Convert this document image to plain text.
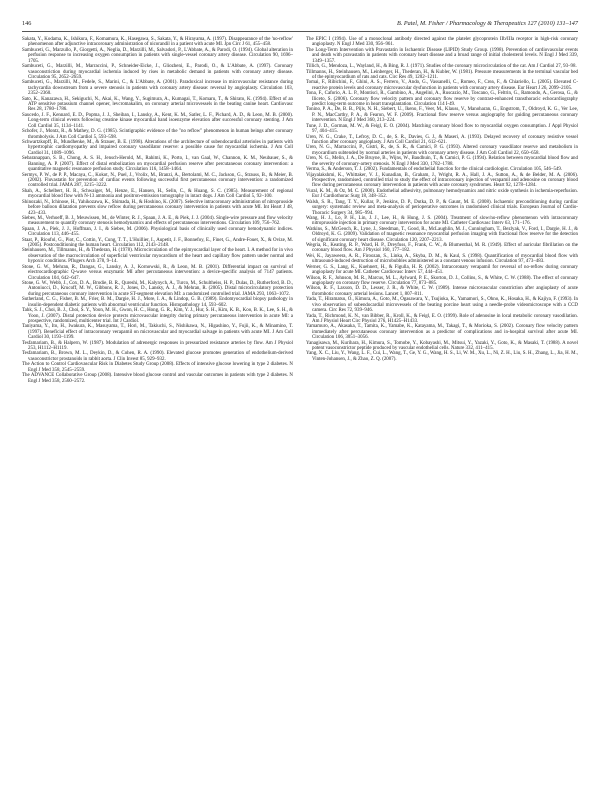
146	B. Patel, M. Fisher / Pharmacology & Therapeutics 127 (2010) 131–147

Sakata, Y., Kodama, K., Ishikura, F., Komamura, K., Hasegawa, S., Sakata, Y., & Hirayama, A. (1997). Disappearance of the 'no-reflow' phenomenon after adjunctive intracoronary administration of nicorandil in a patient with acute MI. Jpn Circ J 61, 455–458.

Sambuceti, G., Marzullo, P., Giorgetti, A., Neglia, D., Marzilli, M., Salvadori, P., L'Abbate, A., & Parodi, O. (1994). Global alteration in perfusion response to increasing oxygen consumption in patients with single-vessel coronary artery disease. Circulation 90, 1696–1705.

Sambuceti, G., Marzilli, M., Marraccini, P., Schneider-Eicke, J., Gliozheni, E., Parodi, O., & L'Abbate, A. (1997). Coronary vasoconstriction during myocardial ischemia induced by rises in metabolic demand in patients with coronary artery disease. Circulation 95, 2652–2659.

Sambuceti, G., Marzilli, M., Fedele, S., Marini, C., & L'Abbate, A. (2001). Paradoxical increase in microvascular resistance during tachycardia downstream from a severe stenosis in patients with coronary artery disease: reversal by angioplasty. Circulation 103, 2352–2360.

Sato, K., Kanazawa, H., Sekiguchi, N., Akai, K., Wang, Y., Sugimura, A., Kumagai, T., Komaru, T., & Shirato, K. (1994). Effect of an ATP sensitive potassium channel opener, levcromakalim, on coronary arterial microvessels in the beating canine heart. Cardiovasc Res 28, 1780–1786.

Saucedo, J. F., Kennard, E. D., Popma, J. J., Sheiban, I., Lansky, A., Kent, K. M., Satler, L. F., Pichard, A. D., & Leon, M. B. (2000). Long-term clinical events following creatine kinase myocardial band isoenzyme elevation after successful coronary stenting. J Am Coll Cardiol 35, 1134–1141.

Schofer, J., Montz, R., & Mathey, D. G. (1985). Scintigraphic evidence of the "no reflow" phenomenon in human beings after coronary thrombolysis. J Am Coll Cardiol 5, 593–598.

Schwartzkopff, B., Mundhenke, M., & Strauer, B. E. (1998). Alterations of the architecture of subendocardial arterioles in patients with hypertrophic cardiomyopathy and impaired coronary vasodilator reserve: a possible cause for myocardial ischemia. J Am Coll Cardiol 31, 1089–1096.

Sebaranappan, S. B., Chong, A. S. H., Jensch-Herold, M., Rahimi, K., Porto, I., van Gaal, W., Channon, K. M., Neubauer, S., & Banning, A. P. (2007). Effect of distal embolization on myocardial perfusion reserve after percutaneous coronary intervention: a quantitative magnetic resonance perfusion study. Circulation 116, 1458–1464.

Sermys, P. W., de P. P., Macaya, C., Kokot, N., Puel, J., Vrolix, M., Branzi, A., Bertolami, M. C., Jackson, G., Strauss, B., & Meier, B. (2002). Fluvastatin for prevention of cardiac events following successful first percutaneous coronary intervention: a randomized controlled trial. JAMA 287, 3215–3222.

Shah, A., Schelbert, H. R., Schwaiger, M., Henze, E., Hansen, H., Selin, C., & Huang, S. C. (1985). Measurement of regional myocardial blood flow with N-13 ammonia and positron-emission tomography in intact dogs. J Am Coll Cardiol 5, 92–100.

Shinozaki, N., Ichinose, H., Yahikozawa, K., Shimada, H., & Hoshino, K. (2007). Selective intracoronary administration of nitroprusside before balloon dilatation prevents slow reflow during percutaneous coronary intervention in patients with acute MI. Int Heart J 48, 423–433.

Siebes, M., Verhoeff, B. J., Meuwissen, M., de Winter, R. J., Spaan, J. A. E., & Piek, J. J. (2004). Single-wire pressure and flow velocity measurement to quantify coronary stenosis hemodynamics and effects of percutaneous interventions. Circulation 109, 756–762.

Spaan, J. A., Piek, J. J., Hoffman, J. I., & Siebes, M. (2006). Physiological basis of clinically used coronary hemodynamic indices. Circulation 113, 446–455.

Staat, P., Rioufol, G., Piot, C., Cottin, Y., Cung, T. T., L'Huillier, I., Aupetit, J. F., Bonnefoy, E., Finet, G., Andre-Fouet, X., & Ovize, M. (2005). Postconditioning the human heart. Circulation 112, 2143–2148.

Steinhausen, M., Tillmanns, H., & Thederan, H. (1978). Microcirculation of the epimyocardial layer of the heart. I. A method for in vivo observation of the macrocirculation of superficial ventricular myocardium of the heart and capillary flow pattern under normal and hypoxic conditions. Pflugers Arch 378, 9–14.

Stone, G. W., Mehran, R., Dangas, G., Lansky, A. J., Kornowski, R., & Leon, M. B. (2001). Differential impact on survival of electrocardiographic Q-wave versus enzymatic MI after percutaneous intervention: a device-specific analysis of 7147 patients. Circulation 104, 642–647.

Stone, G. W., Webb, J., Cox, D. A., Brodie, B. R., Qureshi, M., Kalynych, A., Turco, M., Schultheiss, H. P., Dulas, D., Rutherford, B. D., Antoniucci, D., Krucoff, M. W., Gibbons, R. J., Jones, D., Lansky, A. J., & Mehran, R. (2005). Distal microcirculatory protection during percutaneous coronary intervention in acute ST-segment elevation MI: a randomized controlled trial. JAMA 293, 1063–1072.

Sutherland, C. G., Fisher, B. M., Frier, B. M., Dargie, H. J., More, I. A., & Lindop, G. B. (1989). Endomyocardial biopsy pathology in insulin-dependent diabetic patients with abnormal ventricular function. Histopathology 14, 593–602.

Tahk, S. J., Choi, B. J., Choi, S. Y., Yoon, M. H., Gwon, H. C., Hong, G. R., Kim, Y. J., Hur, S. H., Kim, K. B., Koo, B. K., Lee, S. H., & Yoon, J. (2007). Distal protection device protects microvascular integrity during primary percutaneous intervention in acute MI: a prospective, randomized, multicenter trial. Int J Cardiol.

Taniyama, Y., Ito, H., Iwakura, K., Masuyama, T., Hori, M., Takiuchi, S., Nishikawa, N., Higashino, Y., Fujii, K., & Minamino, T. (1997). Beneficial effect of intracoronary verapamil on microvascular and myocardial salvage in patients with acute MI. J Am Coll Cardiol 30, 1193–1199.

Tesfamariam, B., & Halpern, W. (1987). Modulation of adrenergic responses in pressurized resistance arteries by flow. Am J Physiol 253, H1112–H1119.

Tesfamariam, B., Brown, M. L., Deykin, D., & Cohen, R. A. (1990). Elevated glucose promotes generation of endothelium-derived vasoconstrictor prostanoids in rabbit aorta. J Clin Invest 85, 929–932.

The Action to Control Cardiovascular Risk in Diabetes Study Group (2008). Effects of intensive glucose lowering in type 2 diabetes. N Engl J Med 358, 2545–2559.

The ADVANCE Collaborative Group (2008). Intensive blood glucose control and vascular outcomes in patients with type 2 diabetes. N Engl J Med 358, 2560–2572.

The EPIC I (1994). Use of a monoclonal antibody directed against the platelet glycoprotein IIb/IIIa receptor in high-risk coronary angioplasty. N Engl J Med 330, 956–961.

The Long-Term Intervention with Pravastatin in Ischaemic Disease (LIPID) Study Group. (1998). Prevention of cardiovascular events and death with pravastatin in patients with coronary heart disease and a broad range of initial cholesterol levels. N Engl J Med 339, 1349–1357.

Tillich, G., Mendoza, L., Wayland, H., & Bing, R. J. (1971). Studies of the coronary microcirculation of the cat. Am J Cardiol 27, 93–98.

Tillmanns, H., Steinhausen, M., Leinberger, H., Thederan, H., & Kubler, W. (1981). Pressure measurements in the terminal vascular bed of the epimyocardium of rats and cats. Circ Res 49, 1202–1211.

Tomai, F., Ribichini, F., Ghini, A. S., Ferrero, V., Ando, G., Vassanelli, C., Romeo, F., Crea, F., & Chiariello, L. (2005). Elevated C-reactive protein levels and coronary microvascular dysfunction in patients with coronary artery disease. Eur Heart J 26, 2099–2105.

Tona, F., Caforio, A. L. P., Montisci, R., Gambino, A., Angelini, A., Ruscazio, M., Toscano, G., Feltrin, G., Ramondo, A., Gerosa, G., & Iliceto, S. (2006). Coronary flow velocity pattern and coronary flow reserve by contrast-enhanced transthoracic echocardiography predict long-term outcome in heart transplantation. Circulation 114 I-49.

Tonino, P. A., De, B. B., Pijls, N. H., Siebert, U., Ikeno, F., Veer, M., Klauss, V., Manoharan, G., Engstrom, T., Oldroyd, K. G., Ver Lee, P. N., MacCarthy, P. A., & Fearon, W. F. (2009). Fractional flow reserve versus angiography for guiding percutaneous coronary intervention. N Engl J Med 360, 213–224.

Tune, J. D., Gorman, M. W., & Feigl, E. O. (2004). Matching coronary blood flow to myocardial oxygen consumption. J Appl Physiol 97, 404–415.

Uren, N. G., Crake, T., Lefroy, D. C., de, S. R., Davies, G. J., & Maseri, A. (1993). Delayed recovery of coronary resistive vessel function after coronary angioplasty. J Am Coll Cardiol 21, 612–621.

Uren, N. G., Marraccini, P., Gistri, R., de, S. R., & Camici, P. G. (1993). Altered coronary vasodilator reserve and metabolism in myocardium subtended by normal arteries in patients with coronary artery disease. J Am Coll Cardiol 22, 650–658.

Uren, N. G., Melin, J. A., De Bruyne, B., Wijns, W., Baudhuin, T., & Camici, P. G. (1994). Relation between myocardial blood flow and the severity of coronary-artery stenosis. N Engl J Med 330, 1782–1788.

Verma, S., & Anderson, T. J. (2002). Fundamentals of endothelial function for the clinical cardiologist. Circulation 105, 546–549.

Vijayalakshmi, K., Whittaker, V. J., Kunadian, B., Graham, J., Wright, R. A., Hall, J. A., Sutton, A., & de Belder, M. A. (2006). Prospective, randomised, controlled trial to study the effect of intracoronary injection of verapamil and adenosine on coronary blood flow during percutaneous coronary intervention in patients with acute coronary syndromes. Heart 92, 1278–1284.

Vural, K. M., & Oz, M. C. (2000). Endothelial adhesivity, pulmonary hemodynamics and nitric oxide synthesis in ischemia-reperfusion. Eur J Cardiothorac Surg 18, 348–352.

Walsh, S. R., Tang, T. Y., Kullar, P., Jenkins, D. P., Dutka, D. P., & Gaunt, M. E. (2008). Ischaemic preconditioning during cardiac surgery: systematic review and meta-analysis of perioperative outcomes in randomised clinical trials. European Journal of Cardio-Thoracic Surgery 34, 985–994.

Wang, H. J., Lo, P. H., Lin, J. J., Lee, H., & Hung, J. S. (2004). Treatment of slow/no-reflow phenomenon with intracoronary nitroprusside injection in primary coronary intervention for acute MI. Catheter Cardiovasc Interv 63, 171–176.

Watkins, S., McGeoch, R., Lyne, J., Steedman, T., Good, R., McLaughlin, M. J., Cunningham, T., Bezlyak, V., Ford, I., Dargie, H. J., & Oldroyd, K. G. (2009). Validation of magnetic resonance myocardial perfusion imaging with fractional flow reserve for the detection of significant coronary heart disease. Circulation 120, 2207–2213.

Wegria, R., Keating, R. P., Ward, H. P., Dreyfuss, F., Frank, C. W., & Blumenthal, M. R. (1949). Effect of auricular fibrillation on the coronary blood flow. Am J Physiol 160, 177–182.

Wei, K., Jayaweera, A. R., Firoozan, S., Linka, A., Skyba, D. M., & Kaul, S. (1998). Quantification of myocardial blood flow with ultrasound-induced destruction of microbubbles administered as a constant venous infusion. Circulation 97, 473–483.

Werner, G. S., Lang, K., Kuehnert, H., & Figulla, H. R. (2002). Intracoronary verapamil for reversal of no-reflow during coronary angioplasty for acute MI. Catheter Cardiovasc Interv 57, 444–451.

Wilson, R. F., Johnson, M. R., Marcus, M. L., Aylward, P. E., Skorton, D. J., Collins, S., & White, C. W. (1988). The effect of coronary angioplasty on coronary flow reserve. Circulation 77, 873–885.

Wilson, R. F., Laxson, D. D., Lesser, J. R., & White, C. W. (1989). Intense microvascular constriction after angioplasty of acute thrombotic coronary arterial lesions. Lancet 1, 807–811.

Yada, T., Hiramatsu, O., Kimura, A., Goto, M., Ogasawara, Y., Tsujioka, K., Yamamori, S., Ohno, K., Hosaka, H., & Kajiya, F. (1993). In vivo observation of subendocardial microvessels of the beating porcine heart using a needle-probe videomicroscope with a CCD camera. Circ Res 72, 939–946.

Yada, T., Richmond, K. N., van Bibber, R., Kroll, K., & Feigl, E. O. (1999). Role of adenosine in local metabolic coronary vasodilation. Am J Physiol Heart Circ Physiol 276, H1425–H1433.

Yamamuro, A., Akasaka, T., Tamita, K., Yamabe, K., Katayama, M., Takagi, T., & Morioka, S. (2002). Coronary flow velocity pattern immediately after percutaneous coronary intervention as a predictor of complications and in-hospital survival after acute MI. Circulation 106, 3051–3056.

Yanagisawa, M., Kurihara, H., Kimura, S., Tomobe, Y., Kobayashi, M., Mitsui, Y., Yazaki, Y., Goto, K., & Masaki, T. (1988). A novel potent vasoconstrictor peptide produced by vascular endothelial cells. Nature 332, 411–415.

Yang, X. C., Liu, Y., Wang, L. F., Cui, L., Wang, T., Ge, Y. G., Wang, H. S., Li, W. M., Xu, L., Ni, Z. H., Liu, S. H., Zhang, L., Jia, H. M., Vinten-Johansen, J., & Zhao, Z. Q. (2007).
